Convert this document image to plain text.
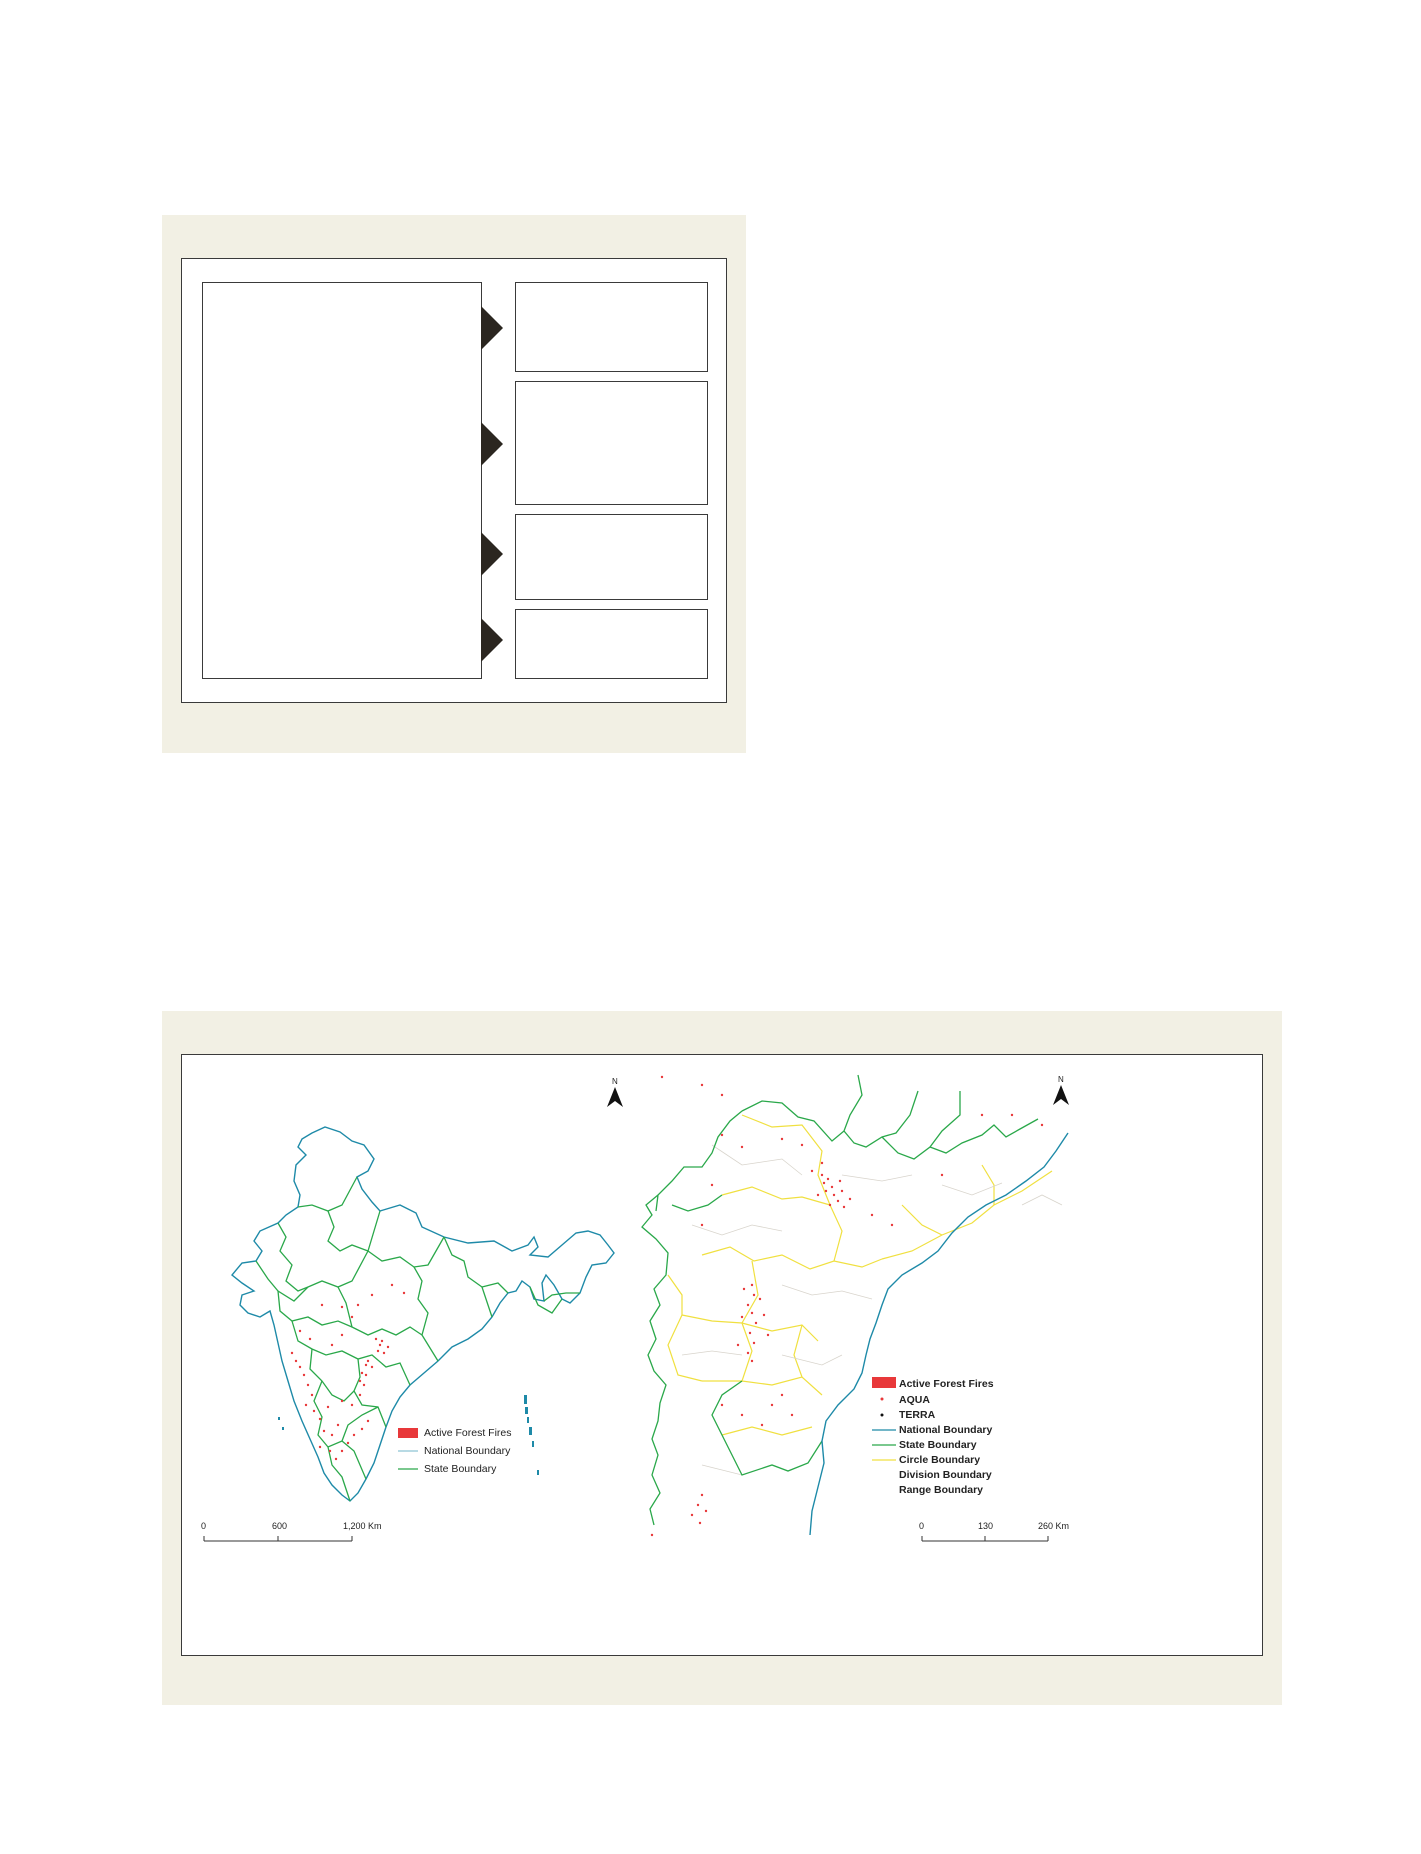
Active Forest Fires
National Boundary
State Boundary
0	600	1,200 Km
N
Active Forest Fires
AQUA
TERRA
National Boundary
State Boundary
Circle Boundary
Division Boundary
Range Boundary
0	130	260 Km
N
